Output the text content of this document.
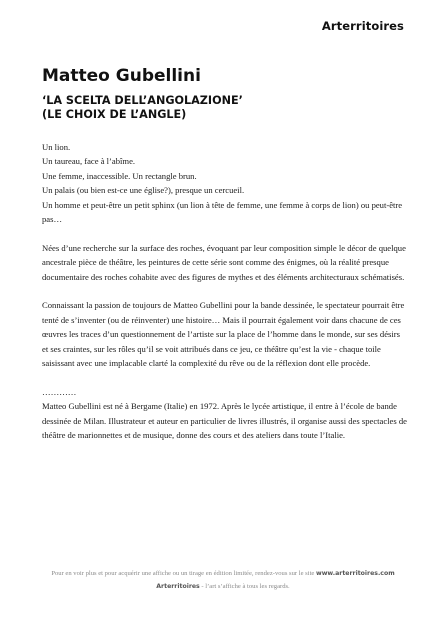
Arterritoires
Matteo Gubellini
‘LA SCELTA DELL’ANGOLAZIONE’
(LE CHOIX DE L’ANGLE)

Un lion.

Un taureau, face à l’abîme.

Une femme, inaccessible. Un rectangle brun.

Un palais (ou bien est-ce une église?), presque un cercueil.

Un homme et peut-être un petit sphinx (un lion à tête de femme, une femme à corps de lion) ou peut-être pas…

Nées d’une recherche sur la surface des roches, évoquant par leur composition simple le décor de quelque ancestrale pièce de théâtre, les peintures de cette série sont comme des énigmes, où la réalité presque documentaire des roches cohabite avec des figures de mythes et des éléments architecturaux schématisés.

Connaissant la passion de toujours de Matteo Gubellini pour la bande dessinée, le spectateur pourrait être tenté de s’inventer (ou de réinventer) une histoire… Mais il pourrait également voir dans chacune de ces œuvres les traces d’un questionnement de l’artiste sur la place de l’homme dans le monde, sur ses désirs et ses craintes, sur les rôles qu’il se voit attribués dans ce jeu, ce théâtre qu’est la vie - chaque toile saisissant avec une implacable clarté la complexité du rêve ou de la réflexion dont elle procède.

…………

Matteo Gubellini est né à Bergame (Italie) en 1972. Après le lycée artistique, il entre à l’école de bande dessinée de Milan. Illustrateur et auteur en particulier de livres illustrés, il organise aussi des spectacles de théâtre de marionnettes et de musique, donne des cours et des ateliers dans toute l’Italie.

Pour en voir plus et pour acquérir une affiche ou un tirage en édition limitée, rendez-vous sur le site www.arterritoires.com
Arterritoires - l’art s’affiche à tous les regards.
